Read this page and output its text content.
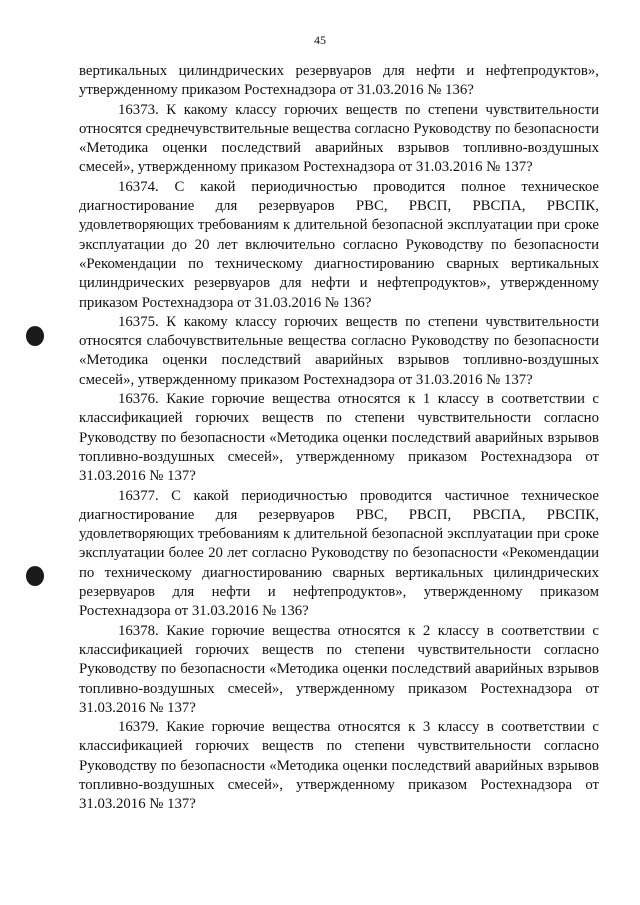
45

вертикальных цилиндрических резервуаров для нефти и нефтепродуктов», утвержденному приказом Ростехнадзора от 31.03.2016 № 136?

16373. К какому классу горючих веществ по степени чувствительности относятся среднечувствительные вещества согласно Руководству по безопасности «Методика оценки последствий аварийных взрывов топливно-воздушных смесей», утвержденному приказом Ростехнадзора от 31.03.2016 № 137?

16374. С какой периодичностью проводится полное техническое диагностирование для резервуаров РВС, РВСП, РВСПА, РВСПК, удовлетворяющих требованиям к длительной безопасной эксплуатации при сроке эксплуатации до 20 лет включительно согласно Руководству по безопасности «Рекомендации по техническому диагностированию сварных вертикальных цилиндрических резервуаров для нефти и нефтепродуктов», утвержденному приказом Ростехнадзора от 31.03.2016 № 136?

16375. К какому классу горючих веществ по степени чувствительности относятся слабочувствительные вещества согласно Руководству по безопасности «Методика оценки последствий аварийных взрывов топливно-воздушных смесей», утвержденному приказом Ростехнадзора от 31.03.2016 № 137?

16376. Какие горючие вещества относятся к 1 классу в соответствии с классификацией горючих веществ по степени чувствительности согласно Руководству по безопасности «Методика оценки последствий аварийных взрывов топливно-воздушных смесей», утвержденному приказом Ростехнадзора от 31.03.2016 № 137?

16377. С какой периодичностью проводится частичное техническое диагностирование для резервуаров РВС, РВСП, РВСПА, РВСПК, удовлетворяющих требованиям к длительной безопасной эксплуатации при сроке эксплуатации более 20 лет согласно Руководству по безопасности «Рекомендации по техническому диагностированию сварных вертикальных цилиндрических резервуаров для нефти и нефтепродуктов», утвержденному приказом Ростехнадзора от 31.03.2016 № 136?

16378. Какие горючие вещества относятся к 2 классу в соответствии с классификацией горючих веществ по степени чувствительности согласно Руководству по безопасности «Методика оценки последствий аварийных взрывов топливно-воздушных смесей», утвержденному приказом Ростехнадзора от 31.03.2016 № 137?

16379. Какие горючие вещества относятся к 3 классу в соответствии с классификацией горючих веществ по степени чувствительности согласно Руководству по безопасности «Методика оценки последствий аварийных взрывов топливно-воздушных смесей», утвержденному приказом Ростехнадзора от 31.03.2016 № 137?
